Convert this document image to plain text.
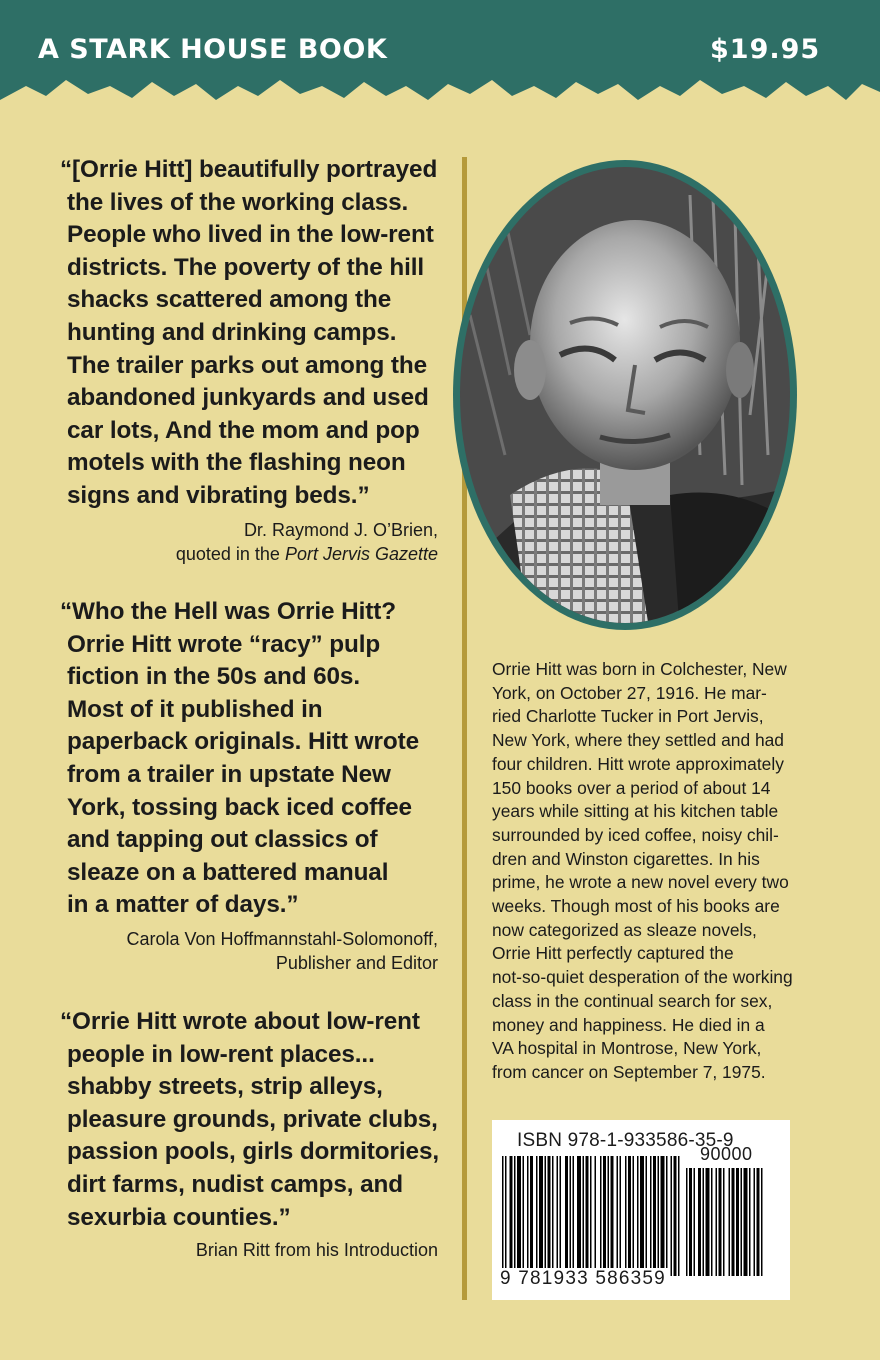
A STARK HOUSE BOOK	$19.95

“[Orrie Hitt] beautifully portrayed
the lives of the working class.
People who lived in the low-rent
districts. The poverty of the hill
shacks scattered among the
hunting and drinking camps.
The trailer parks out among the
abandoned junkyards and used
car lots, And the mom and pop
motels with the flashing neon
signs and vibrating beds.”

Dr. Raymond J. O’Brien,
quoted in the Port Jervis Gazette

“Who the Hell was Orrie Hitt?
Orrie Hitt wrote “racy” pulp
fiction in the 50s and 60s.
Most of it published in
paperback originals. Hitt wrote
from a trailer in upstate New
York, tossing back iced coffee
and tapping out classics of
sleaze on a battered manual
in a matter of days.”

Carola Von Hoffmannstahl-Solomonoff,
Publisher and Editor

“Orrie Hitt wrote about low-rent
people in low-rent places...
shabby streets, strip alleys,
pleasure grounds, private clubs,
passion pools, girls dormitories,
dirt farms, nudist camps, and
sexurbia counties.”

Brian Ritt from his Introduction
Orrie Hitt was born in Colchester, New
York, on October 27, 1916. He mar-
ried Charlotte Tucker in Port Jervis,
New York, where they settled and had
four children. Hitt wrote approximately
150 books over a period of about 14
years while sitting at his kitchen table
surrounded by iced coffee, noisy chil-
dren and Winston cigarettes. In his
prime, he wrote a new novel every two
weeks. Though most of his books are
now categorized as sleaze novels,
Orrie Hitt perfectly captured the
not-so-quiet desperation of the working
class in the continual search for sex,
money and happiness. He died in a
VA hospital in Montrose, New York,
from cancer on September 7, 1975.
ISBN 978-1-933586-35-9
90000
9 781933 586359
